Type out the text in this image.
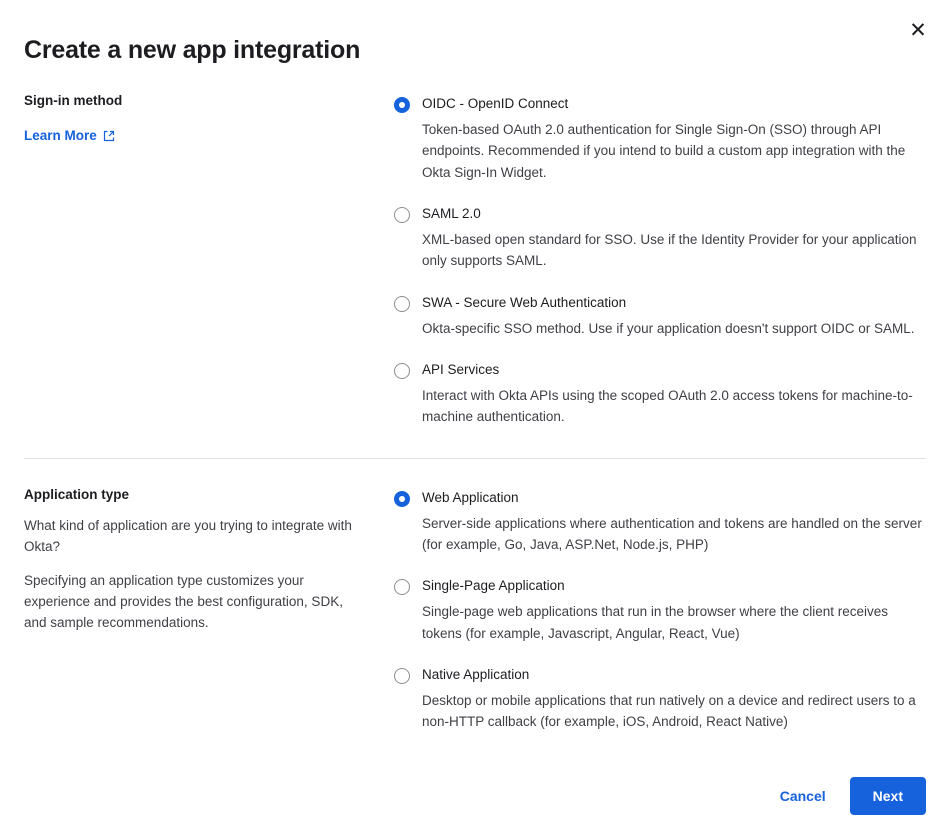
✕
Create a new app integration

Sign-in method

Learn More
OIDC - OpenID Connect
Token-based OAuth 2.0 authentication for Single Sign-On (SSO) through API endpoints. Recommended if you intend to build a custom app integration with the Okta Sign-In Widget.
SAML 2.0
XML-based open standard for SSO. Use if the Identity Provider for your application only supports SAML.
SWA - Secure Web Authentication
Okta-specific SSO method. Use if your application doesn't support OIDC or SAML.
API Services
Interact with Okta APIs using the scoped OAuth 2.0 access tokens for machine-to-machine authentication.

Application type

What kind of application are you trying to integrate with Okta?

Specifying an application type customizes your experience and provides the best configuration, SDK, and sample recommendations.

Web Application
Server-side applications where authentication and tokens are handled on the server (for example, Go, Java, ASP.Net, Node.js, PHP)
Single-Page Application
Single-page web applications that run in the browser where the client receives tokens (for example, Javascript, Angular, React, Vue)
Native Application
Desktop or mobile applications that run natively on a device and redirect users to a non-HTTP callback (for example, iOS, Android, React Native)
Cancel	Next
